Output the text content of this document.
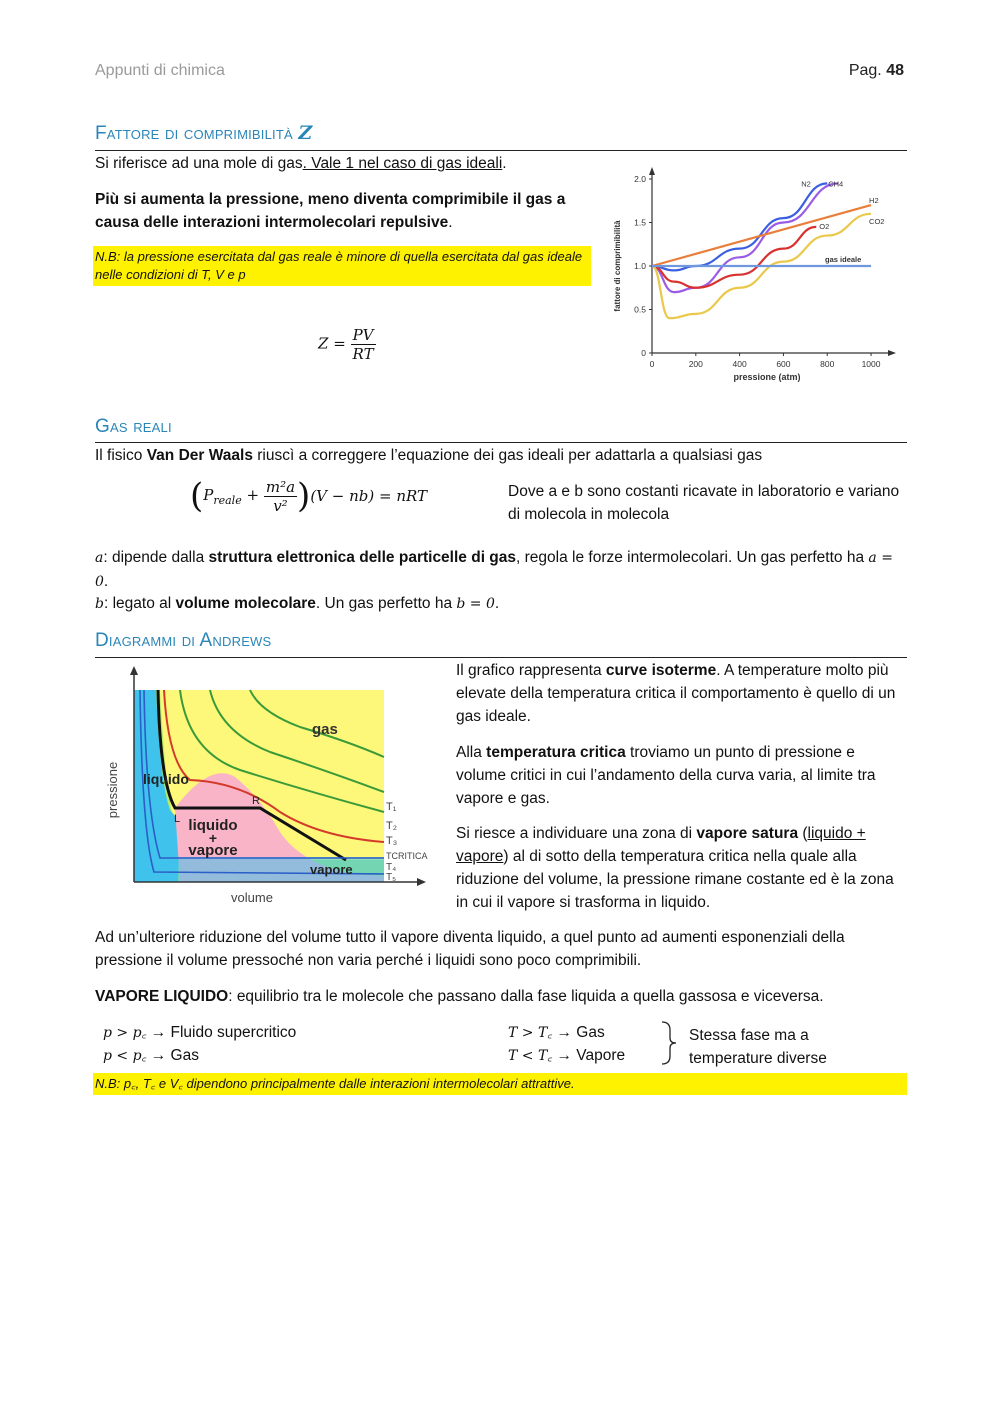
Appunti di chimica	Pag. 48
Fattore di comprimibilità Z
Si riferisce ad una mole di gas. Vale 1 nel caso di gas ideali.
Più si aumenta la pressione, meno diventa comprimibile il gas a causa delle interazioni intermolecolari repulsive.
N.B: la pressione esercitata dal gas reale è minore di quella esercitata dal gas ideale nelle condizioni di T, V e p
$Z = \frac{PV}{RT}$
0	200	400	600	800	1000
0
0.5
1.0
1.5
2.0
pressione (atm)
fattore di comprimibilità
N2 CH4
H2
O2
CO2
gas ideale
Gas reali
Il fisico Van Der Waals riuscì a correggere l’equazione dei gas ideali per adattarla a qualsiasi gas
$(P_{reale} + \frac{\text{m²a}}{\text{v²}} )(V - nb)$ = nRT	Dove a e b sono costanti ricavate in laboratorio e variano di molecola in molecola
a: dipende dalla struttura elettronica delle particelle di gas, regola le forze intermolecolari. Un gas perfetto ha a = 0.
b: legato al volume molecolare. Un gas perfetto ha b = 0.
Diagrammi di Andrews
pressione
volume
gas
liquido
liquido
+
vapore
vapore
L
R	T₁
T₂
T₃
TCRITICA
T₄
T₅
Il grafico rappresenta curve isoterme. A temperature molto più elevate della temperatura critica il comportamento è quello di un gas ideale.
Alla temperatura critica troviamo un punto di pressione e volume critici in cui l’andamento della curva varia, al limite tra vapore e gas.
Si riesce a individuare una zona di vapore satura (liquido + vapore) al di sotto della temperatura critica nella quale alla riduzione del volume, la pressione rimane costante ed è la zona in cui il vapore si trasforma in liquido.
Ad un’ulteriore riduzione del volume tutto il vapore diventa liquido, a quel punto ad aumenti esponenziali della pressione il volume pressoché non varia perché i liquidi sono poco comprimibili.
VAPORE LIQUIDO: equilibrio tra le molecole che passano dalla fase liquida a quella gassosa e viceversa.
p > p꜀ → Fluido supercritico
p < p꜀ → Gas
T > T꜀ → Gas
T < T꜀ → Vapore
Stessa fase ma a temperature diverse
N.B: p꜀, T꜀ e V꜀ dipendono principalmente dalle interazioni intermolecolari attrattive.
